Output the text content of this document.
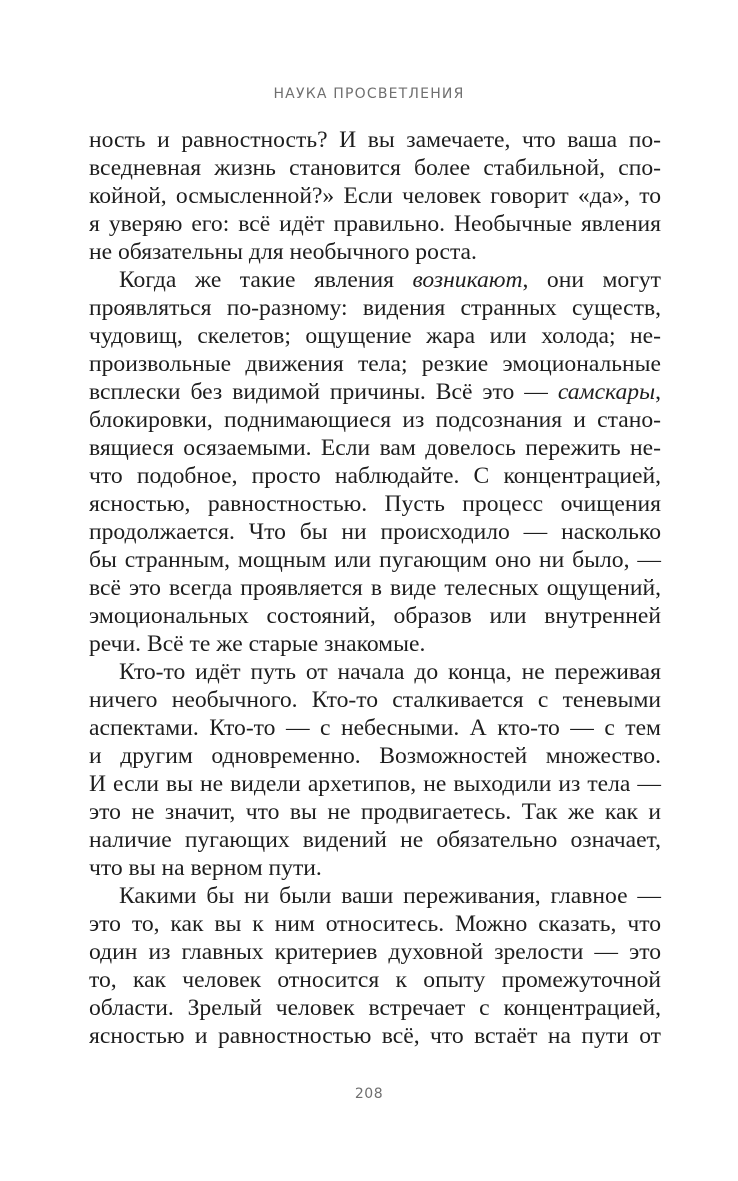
НАУКА ПРОСВЕТЛЕНИЯ

ность и равностность? И вы замечаете, что ваша по-
вседневная жизнь становится более стабильной, спо-
койной, осмысленной?» Если человек говорит «да», то
я уверяю его: всё идёт правильно. Необычные явления
не обязательны для необычного роста.

Когда же такие явления возникают, они могут
проявляться по-разному: видения странных существ,
чудовищ, скелетов; ощущение жара или холода; не-
произвольные движения тела; резкие эмоциональные
всплески без видимой причины. Всё это — самскары,
блокировки, поднимающиеся из подсознания и стано-
вящиеся осязаемыми. Если вам довелось пережить не-
что подобное, просто наблюдайте. С концентрацией,
ясностью, равностностью. Пусть процесс очищения
продолжается. Что бы ни происходило — насколько
бы странным, мощным или пугающим оно ни было, —
всё это всегда проявляется в виде телесных ощущений,
эмоциональных состояний, образов или внутренней
речи. Всё те же старые знакомые.

Кто-то идёт путь от начала до конца, не переживая
ничего необычного. Кто-то сталкивается с теневыми
аспектами. Кто-то — с небесными. А кто-то — с тем
и другим одновременно. Возможностей множество.
И если вы не видели архетипов, не выходили из тела —
это не значит, что вы не продвигаетесь. Так же как и
наличие пугающих видений не обязательно означает,
что вы на верном пути.

Какими бы ни были ваши переживания, главное —
это то, как вы к ним относитесь. Можно сказать, что
один из главных критериев духовной зрелости — это
то, как человек относится к опыту промежуточной
области. Зрелый человек встречает с концентрацией,
ясностью и равностностью всё, что встаёт на пути от

208
